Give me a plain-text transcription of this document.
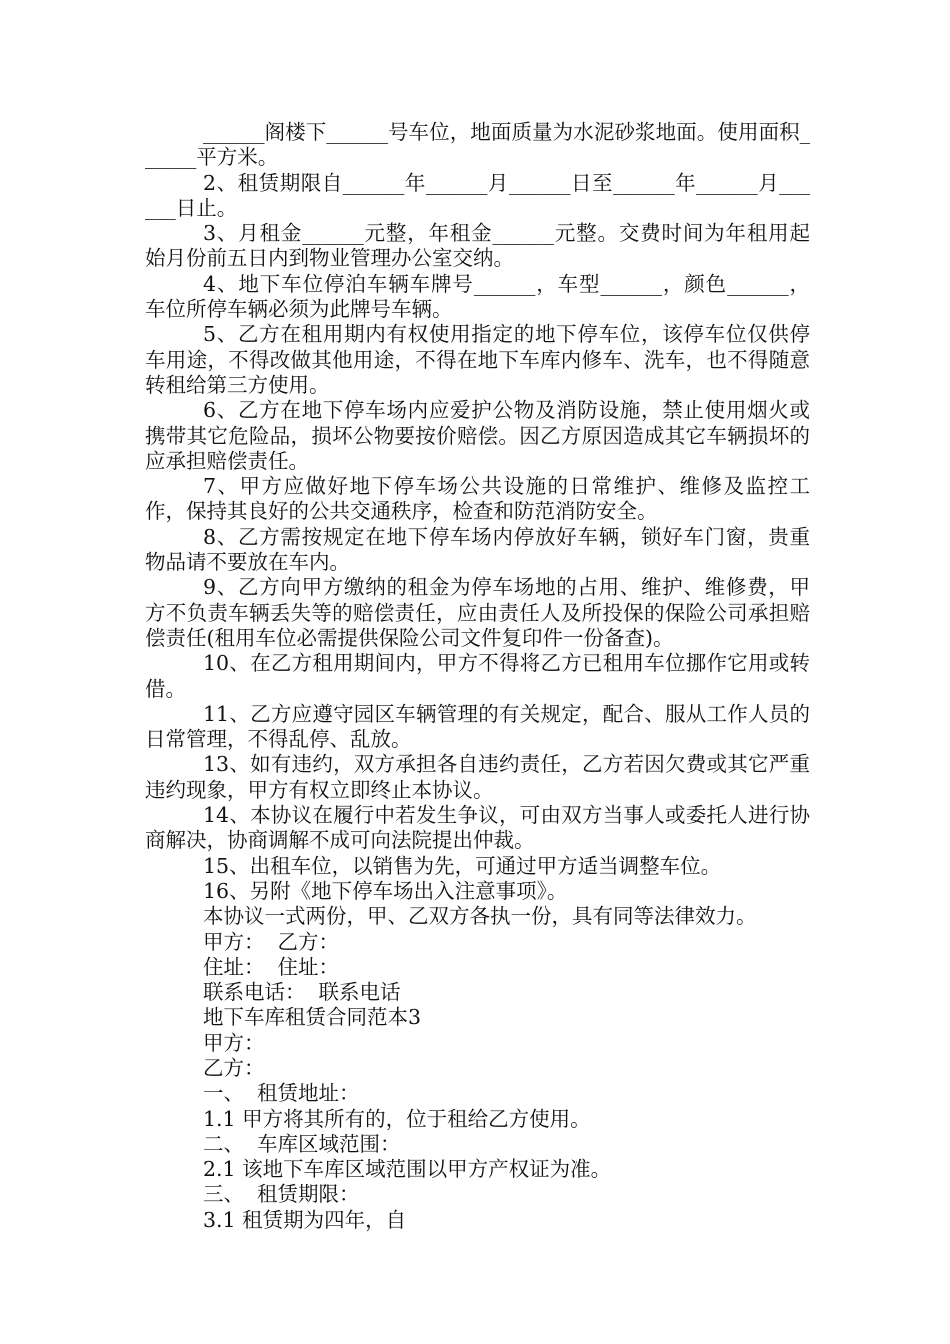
______阁楼下______号车位，地面质量为水泥砂浆地面。使用面积______平方米。

2、租赁期限自______年______月______日至______年______月______日止。

3、月租金______元整，年租金______元整。交费时间为年租用起始月份前五日内到物业管理办公室交纳。

4、地下车位停泊车辆车牌号______，车型______，颜色______，车位所停车辆必须为此牌号车辆。

5、乙方在租用期内有权使用指定的地下停车位，该停车位仅供停车用途，不得改做其他用途，不得在地下车库内修车、洗车，也不得随意转租给第三方使用。

6、乙方在地下停车场内应爱护公物及消防设施，禁止使用烟火或携带其它危险品，损坏公物要按价赔偿。因乙方原因造成其它车辆损坏的应承担赔偿责任。

7、甲方应做好地下停车场公共设施的日常维护、维修及监控工作，保持其良好的公共交通秩序，检查和防范消防安全。

8、乙方需按规定在地下停车场内停放好车辆，锁好车门窗，贵重物品请不要放在车内。

9、乙方向甲方缴纳的租金为停车场地的占用、维护、维修费，甲方不负责车辆丢失等的赔偿责任，应由责任人及所投保的保险公司承担赔偿责任(租用车位必需提供保险公司文件复印件一份备查)。

10、在乙方租用期间内，甲方不得将乙方已租用车位挪作它用或转借。

11、乙方应遵守园区车辆管理的有关规定，配合、服从工作人员的日常管理，不得乱停、乱放。

13、如有违约，双方承担各自违约责任，乙方若因欠费或其它严重违约现象，甲方有权立即终止本协议。

14、本协议在履行中若发生争议，可由双方当事人或委托人进行协商解决，协商调解不成可向法院提出仲裁。

15、出租车位，以销售为先，可通过甲方适当调整车位。

16、另附《地下停车场出入注意事项》。

本协议一式两份，甲、乙双方各执一份，具有同等法律效力。

甲方：  乙方：

住址：  住址：

联系电话：  联系电话

地下车库租赁合同范本3

甲方：

乙方：

一、  租赁地址：

1.1 甲方将其所有的，位于租给乙方使用。

二、  车库区域范围：

2.1 该地下车库区域范围以甲方产权证为准。

三、  租赁期限：

3.1 租赁期为四年，自
